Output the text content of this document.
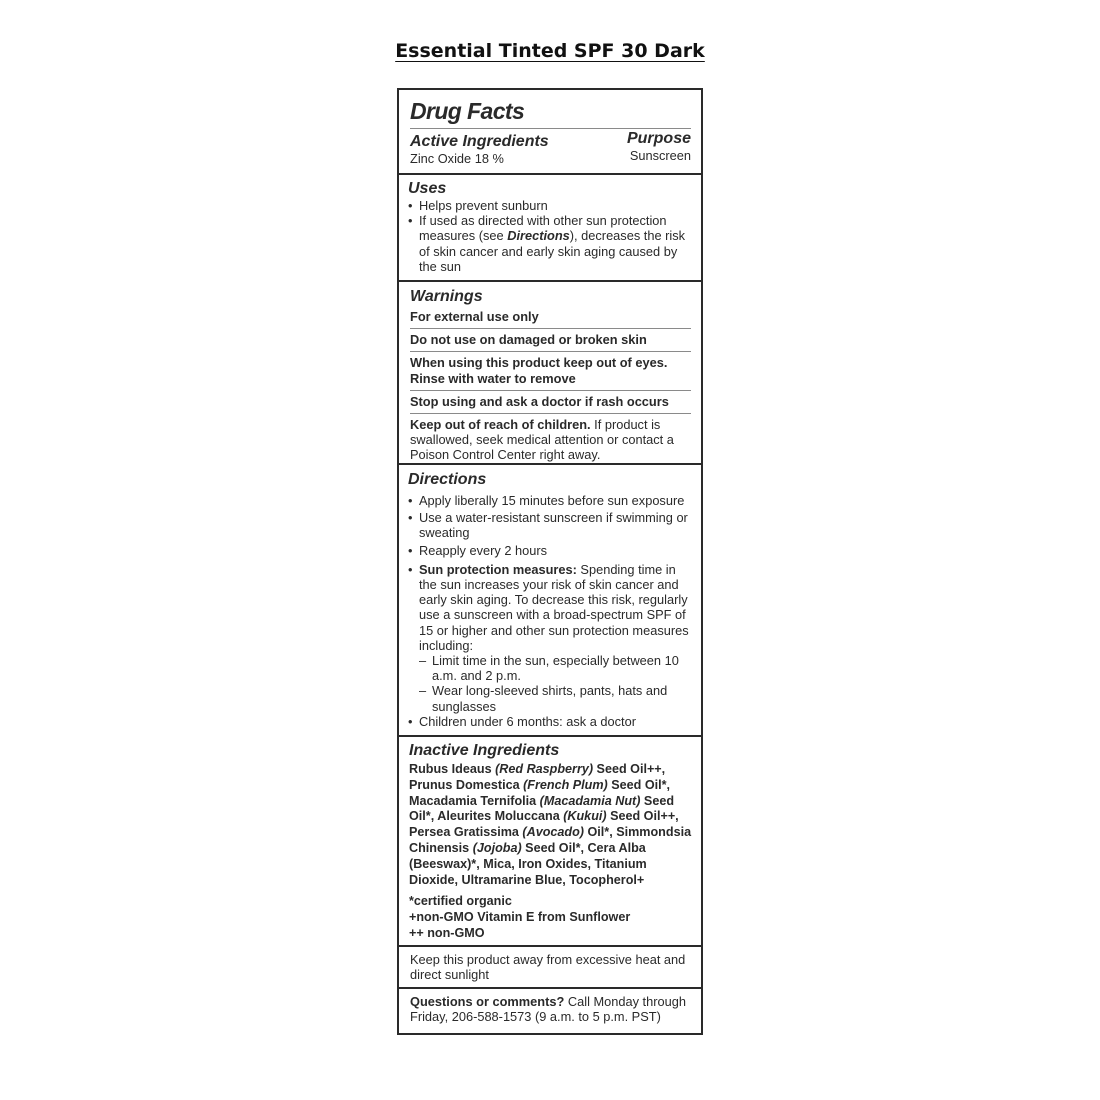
Essential Tinted SPF 30 Dark
Drug Facts
Active Ingredients
Zinc Oxide 18 %
Purpose
Sunscreen
Uses
• Helps prevent sunburn
• If used as directed with other sun protection measures (see Directions), decreases the risk of skin cancer and early skin aging caused by the sun
Warnings
For external use only
Do not use on damaged or broken skin
When using this product keep out of eyes. Rinse with water to remove
Stop using and ask a doctor if rash occurs
Keep out of reach of children. If product is swallowed, seek medical attention or contact a Poison Control Center right away.
Directions
• Apply liberally 15 minutes before sun exposure
• Use a water-resistant sunscreen if swimming or sweating
• Reapply every 2 hours
• Sun protection measures: Spending time in the sun increases your risk of skin cancer and early skin aging. To decrease this risk, regularly use a sunscreen with a broad-spectrum SPF of 15 or higher and other sun protection measures including:
– Limit time in the sun, especially between 10 a.m. and 2 p.m.
– Wear long-sleeved shirts, pants, hats and sunglasses
• Children under 6 months: ask a doctor
Inactive Ingredients
Rubus Ideaus (Red Raspberry) Seed Oil++, Prunus Domestica (French Plum) Seed Oil*, Macadamia Ternifolia (Macadamia Nut) Seed Oil*, Aleurites Moluccana (Kukui) Seed Oil++, Persea Gratissima (Avocado) Oil*, Simmondsia Chinensis (Jojoba) Seed Oil*, Cera Alba (Beeswax)*, Mica, Iron Oxides, Titanium Dioxide, Ultramarine Blue, Tocopherol+
*certified organic
+non-GMO Vitamin E from Sunflower
++ non-GMO
Keep this product away from excessive heat and direct sunlight
Questions or comments? Call Monday through Friday, 206-588-1573 (9 a.m. to 5 p.m. PST)
